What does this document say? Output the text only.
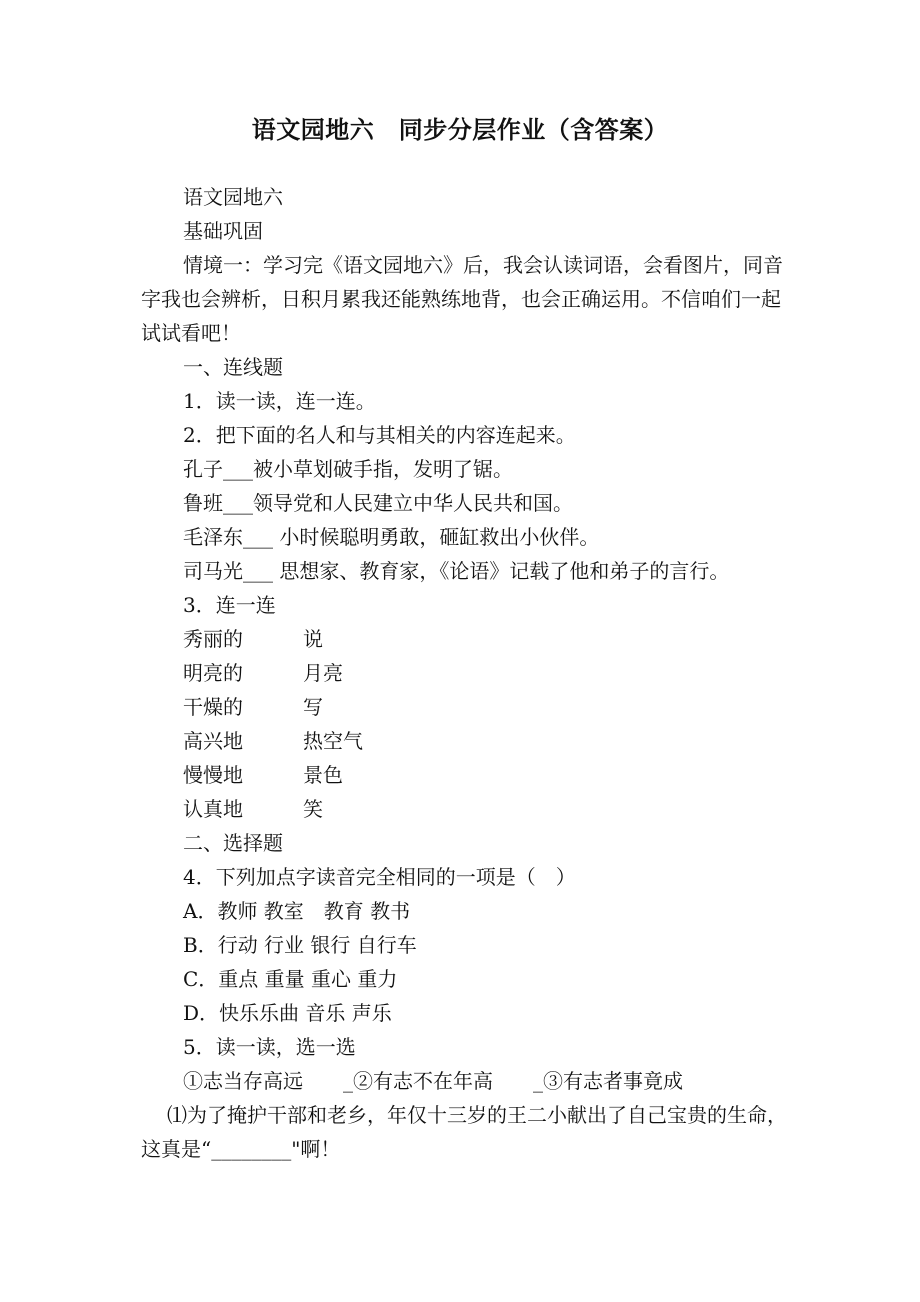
语文园地六　同步分层作业（含答案）

语文园地六

基础巩固

情境一：学习完《语文园地六》后，我会认读词语，会看图片，同音字我也会辨析，日积月累我还能熟练地背，也会正确运用。不信咱们一起试试看吧！

一、连线题

1．读一读，连一连。

2．把下面的名人和与其相关的内容连起来。

孔子___被小草划破手指，发明了锯。

鲁班___领导党和人民建立中华人民共和国。

毛泽东___ 小时候聪明勇敢，砸缸救出小伙伴。

司马光___ 思想家、教育家，《论语》记载了他和弟子的言行。

3．连一连

秀丽的	说
明亮的	月亮
干燥的	写
高兴地	热空气
慢慢地	景色
认真地	笑

二、选择题

4．下列加点字读音完全相同的一项是（　）

A．教师 教室　教育 教书

B．行动 行业 银行 自行车

C．重点 重量 重心 重力

D．快乐乐曲 音乐 声乐

5．读一读，选一选

①志当存高远　　_②有志不在年高　　_③有志者事竟成

⑴为了掩护干部和老乡，年仅十三岁的王二小献出了自己宝贵的生命，这真是“________"啊！
